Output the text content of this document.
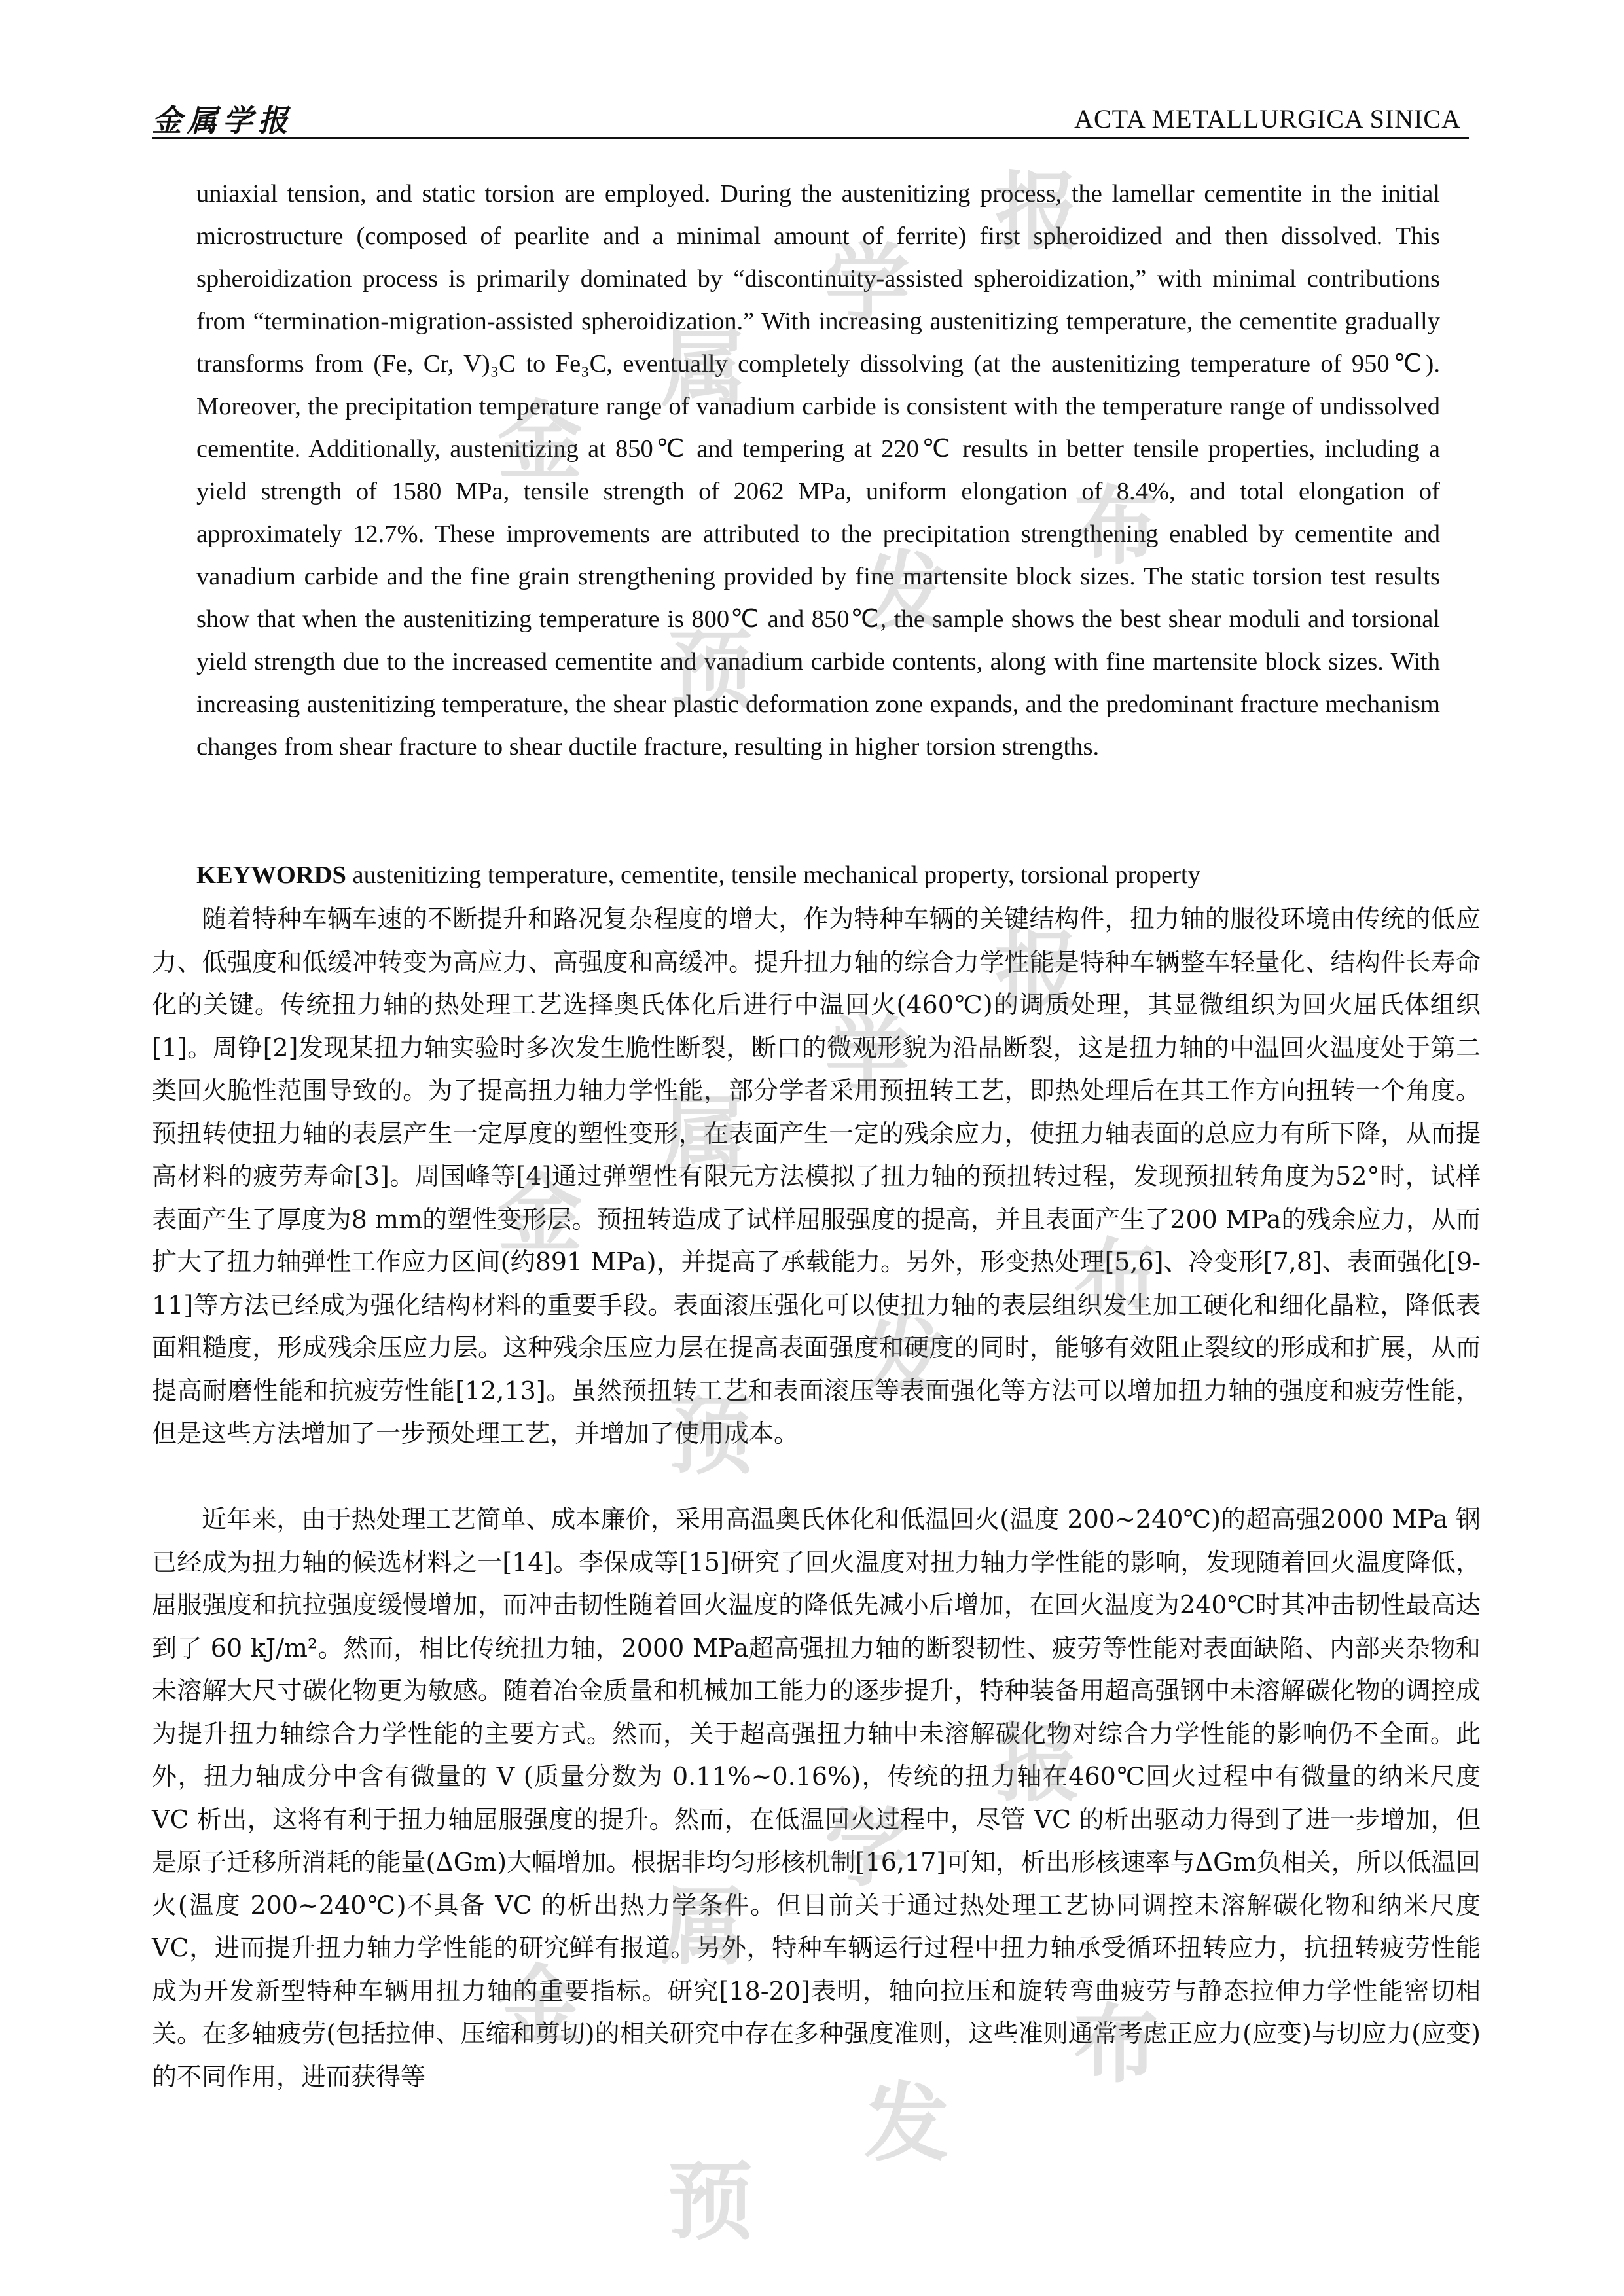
金属学报	ACTA METALLURGICA SINICA

uniaxial tension, and static torsion are employed. During the austenitizing process, the lamellar cementite in the initial microstructure (composed of pearlite and a minimal amount of ferrite) first spheroidized and then dissolved. This spheroidization process is primarily dominated by “discontinuity-assisted spheroidization,” with minimal contributions from “termination-migration-assisted spheroidization.” With increasing austenitizing temperature, the cementite gradually transforms from (Fe, Cr, V)₃C to Fe₃C, eventually completely dissolving (at the austenitizing temperature of 950℃). Moreover, the precipitation temperature range of vanadium carbide is consistent with the temperature range of undissolved cementite. Additionally, austenitizing at 850℃ and tempering at 220℃ results in better tensile properties, including a yield strength of 1580 MPa, tensile strength of 2062 MPa, uniform elongation of 8.4%, and total elongation of approximately 12.7%. These improvements are attributed to the precipitation strengthening enabled by cementite and vanadium carbide and the fine grain strengthening provided by fine martensite block sizes. The static torsion test results show that when the austenitizing temperature is 800℃ and 850℃, the sample shows the best shear moduli and torsional yield strength due to the increased cementite and vanadium carbide contents, along with fine martensite block sizes. With increasing austenitizing temperature, the shear plastic deformation zone expands, and the predominant fracture mechanism changes from shear fracture to shear ductile fracture, resulting in higher torsion strengths.

KEYWORDS austenitizing temperature, cementite, tensile mechanical property, torsional property

随着特种车辆车速的不断提升和路况复杂程度的增大，作为特种车辆的关键结构件，扭力轴的服役环境由传统的低应力、低强度和低缓冲转变为高应力、高强度和高缓冲。提升扭力轴的综合力学性能是特种车辆整车轻量化、结构件长寿命化的关键。传统扭力轴的热处理工艺选择奥氏体化后进行中温回火(460℃)的调质处理，其显微组织为回火屈氏体组织[1]。周铮[2]发现某扭力轴实验时多次发生脆性断裂，断口的微观形貌为沿晶断裂，这是扭力轴的中温回火温度处于第二类回火脆性范围导致的。为了提高扭力轴力学性能，部分学者采用预扭转工艺，即热处理后在其工作方向扭转一个角度。预扭转使扭力轴的表层产生一定厚度的塑性变形，在表面产生一定的残余应力，使扭力轴表面的总应力有所下降，从而提高材料的疲劳寿命[3]。周国峰等[4]通过弹塑性有限元方法模拟了扭力轴的预扭转过程，发现预扭转角度为52°时，试样表面产生了厚度为8 mm的塑性变形层。预扭转造成了试样屈服强度的提高，并且表面产生了200 MPa的残余应力，从而扩大了扭力轴弹性工作应力区间(约891 MPa)，并提高了承载能力。另外，形变热处理[5,6]、冷变形[7,8]、表面强化[9-11]等方法已经成为强化结构材料的重要手段。表面滚压强化可以使扭力轴的表层组织发生加工硬化和细化晶粒，降低表面粗糙度，形成残余压应力层。这种残余压应力层在提高表面强度和硬度的同时，能够有效阻止裂纹的形成和扩展，从而提高耐磨性能和抗疲劳性能[12,13]。虽然预扭转工艺和表面滚压等表面强化等方法可以增加扭力轴的强度和疲劳性能，但是这些方法增加了一步预处理工艺，并增加了使用成本。

近年来，由于热处理工艺简单、成本廉价，采用高温奥氏体化和低温回火(温度 200~240℃)的超高强2000 MPa 钢已经成为扭力轴的候选材料之一[14]。李保成等[15]研究了回火温度对扭力轴力学性能的影响，发现随着回火温度降低，屈服强度和抗拉强度缓慢增加，而冲击韧性随着回火温度的降低先减小后增加，在回火温度为240℃时其冲击韧性最高达到了 60 kJ/m²。然而，相比传统扭力轴，2000 MPa超高强扭力轴的断裂韧性、疲劳等性能对表面缺陷、内部夹杂物和未溶解大尺寸碳化物更为敏感。随着冶金质量和机械加工能力的逐步提升，特种装备用超高强钢中未溶解碳化物的调控成为提升扭力轴综合力学性能的主要方式。然而，关于超高强扭力轴中未溶解碳化物对综合力学性能的影响仍不全面。此外，扭力轴成分中含有微量的 V (质量分数为 0.11%~0.16%)，传统的扭力轴在460℃回火过程中有微量的纳米尺度 VC 析出，这将有利于扭力轴屈服强度的提升。然而，在低温回火过程中，尽管 VC 的析出驱动力得到了进一步增加，但是原子迁移所消耗的能量(ΔGm)大幅增加。根据非均匀形核机制[16,17]可知，析出形核速率与ΔGm负相关，所以低温回火(温度 200~240℃)不具备 VC 的析出热力学条件。但目前关于通过热处理工艺协同调控未溶解碳化物和纳米尺度 VC，进而提升扭力轴力学性能的研究鲜有报道。另外，特种车辆运行过程中扭力轴承受循环扭转应力，抗扭转疲劳性能成为开发新型特种车辆用扭力轴的重要指标。研究[18-20]表明，轴向拉压和旋转弯曲疲劳与静态拉伸力学性能密切相关。在多轴疲劳(包括拉伸、压缩和剪切)的相关研究中存在多种强度准则，这些准则通常考虑正应力(应变)与切应力(应变)的不同作用，进而获得等

金
属
学
报
预
发
布
金
属
学
报
预
发
布
金
属
学
报
预
发
布
